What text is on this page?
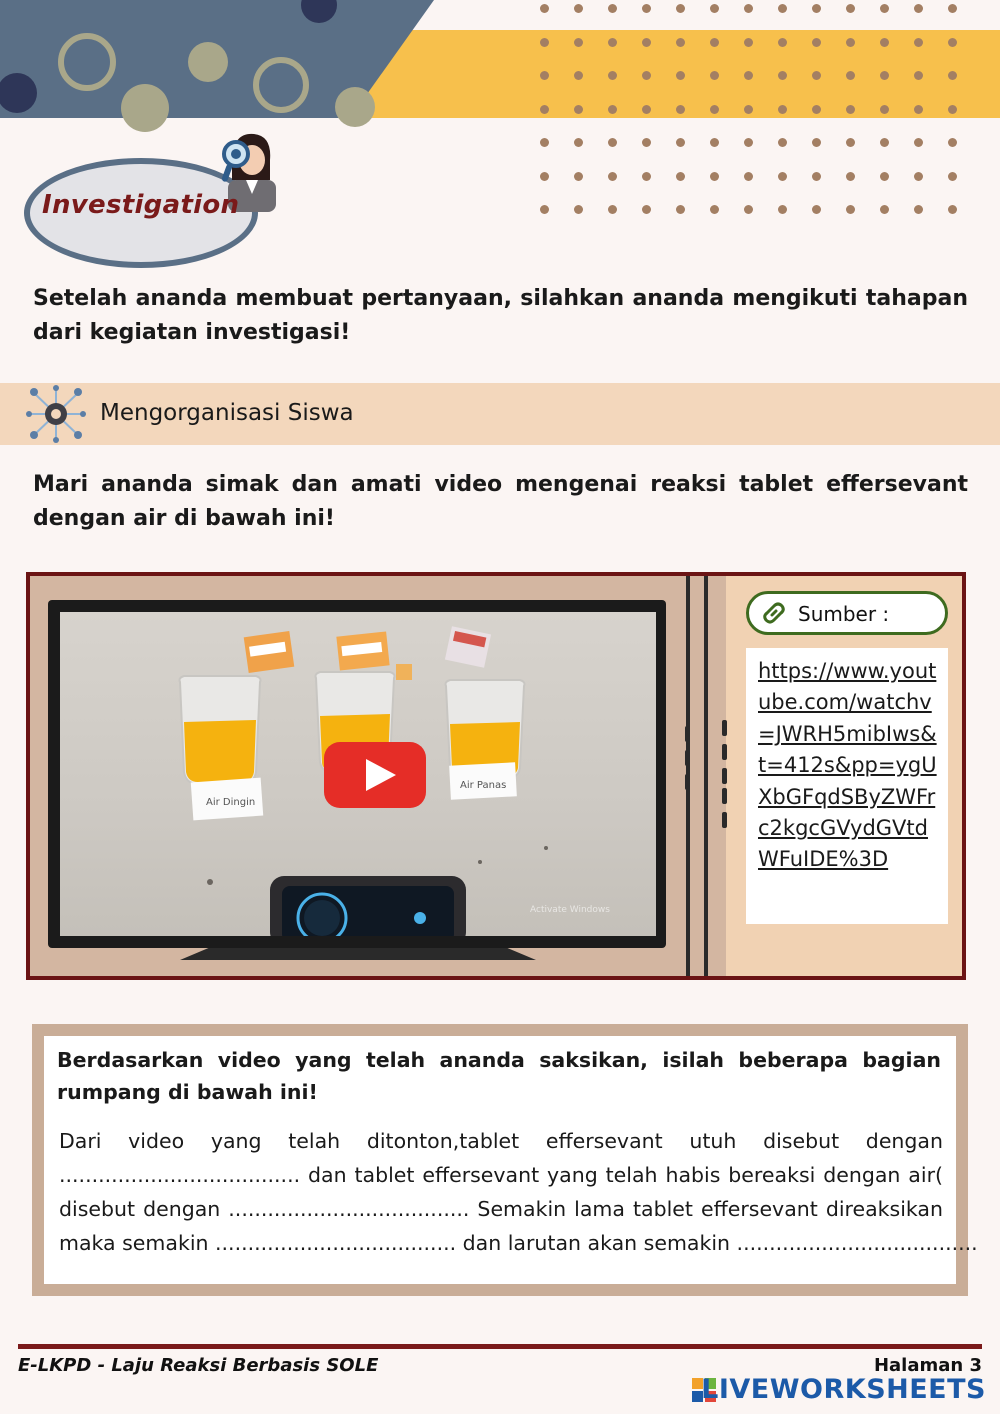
Investigation
Setelah ananda membuat pertanyaan, silahkan ananda mengikuti tahapan
dari kegiatan investigasi!
Mengorganisasi Siswa
Mari ananda simak dan amati video mengenai reaksi tablet effersevant
dengan air di bawah ini!
Air Dingin
Air Panas
Activate Windows
Sumber :
https://www.youtube.com/watchv=JWRH5mibIws&t=412s&pp=ygUXbGFqdSByZWFrc2kgcGVydGVtdWFuIDE%3D
Berdasarkan video yang telah ananda saksikan, isilah beberapa bagian
rumpang di bawah ini!
Dari video yang telah ditonton,tablet effersevant utuh disebut dengan
..................................... dan tablet effersevant yang telah habis bereaksi dengan air(
disebut dengan ..................................... Semakin lama tablet effersevant direaksikan
maka semakin ..................................... dan larutan akan semakin .....................................
E-LKPD - Laju Reaksi Berbasis SOLE	Halaman 3
LIVEWORKSHEETS
